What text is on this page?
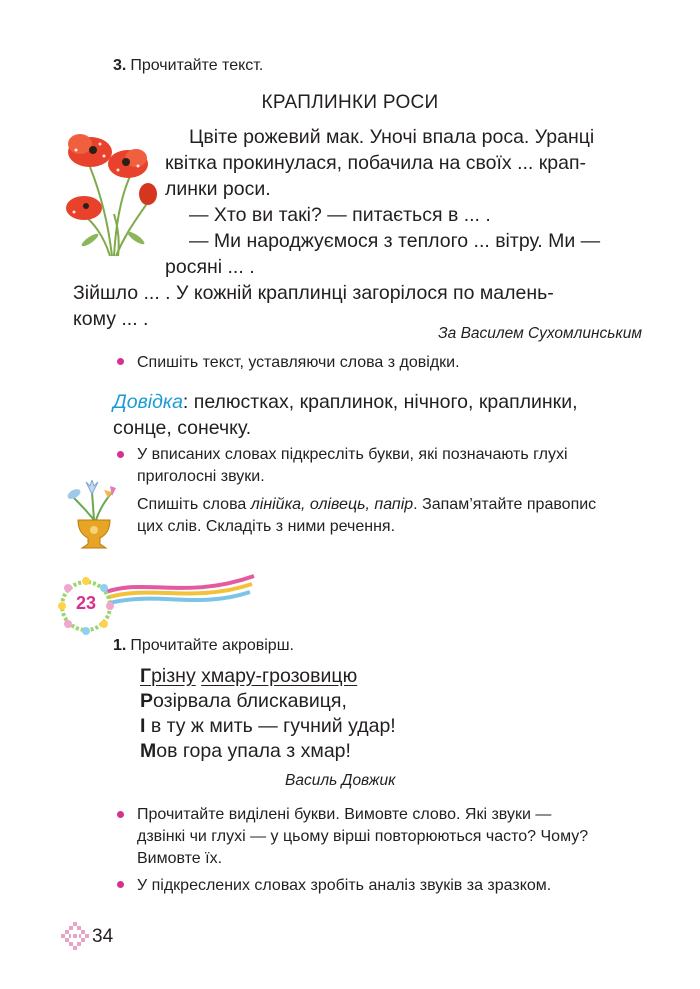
3. Прочитайте текст.
КРАПЛИНКИ РОСИ
Цвіте рожевий мак. Уночі впала роса. Уранці
квітка прокинулася, побачила на своїх ... крап-
линки роси.
— Хто ви такі? — питається в ... .
— Ми народжуємося з теплого ... вітру. Ми —
росяні ... .
Зійшло ... . У кожній краплинці загорілося по малень-
кому ... .
За Василем Сухомлинським
Спишіть текст, уставляючи слова з довідки.
Довідка: пелюстках, краплинок, нічного, краплинки,
сонце, сонечку.
У вписаних словах підкресліть букви, які позначають глухі
приголосні звуки.
Спишіть слова лінійка, олівець, папір. Запам’ятайте правопис
цих слів. Складіть з ними речення.
23
1. Прочитайте акровірш.
Грізну хмару-грозовицю
Розірвала блискавиця,
І в ту ж мить — гучний удар!
Мов гора упала з хмар!
Василь Довжик
Прочитайте виділені букви. Вимовте слово. Які звуки —
дзвінкі чи глухі — у цьому вірші повторюються часто? Чому?
Вимовте їх.
У підкреслених словах зробіть аналіз звуків за зразком.
34
